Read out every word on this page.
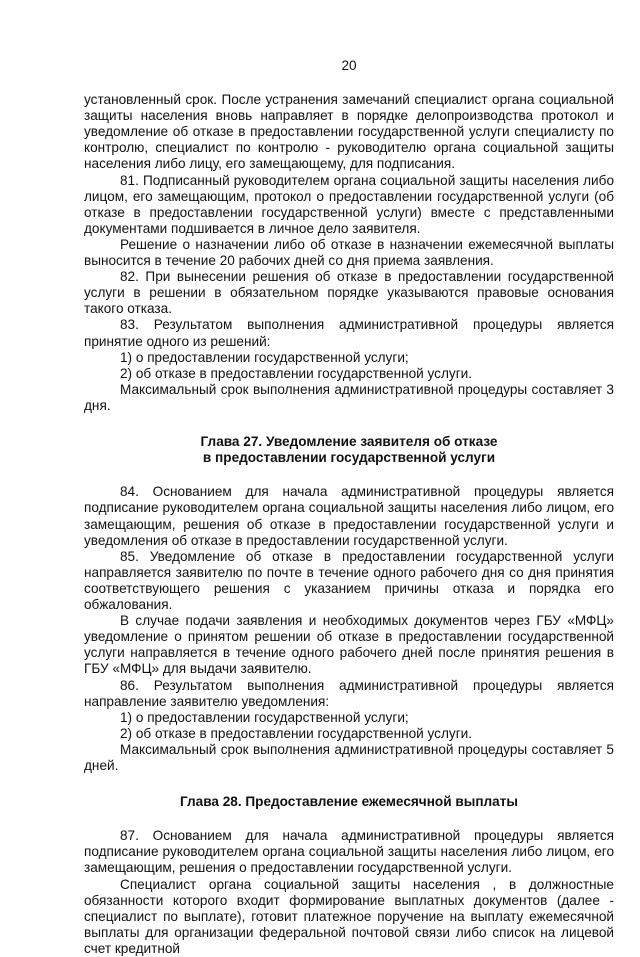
20

установленный срок. После устранения замечаний специалист органа социальной защиты населения вновь направляет в порядке делопроизводства протокол и уведомление об отказе в предоставлении государственной услуги специалисту по контролю, специалист по контролю - руководителю органа социальной защиты населения либо лицу, его замещающему, для подписания.

81. Подписанный руководителем органа социальной защиты населения либо лицом, его замещающим, протокол о предоставлении государственной услуги (об отказе в предоставлении государственной услуги) вместе с представленными документами подшивается в личное дело заявителя.

Решение о назначении либо об отказе в назначении ежемесячной выплаты выносится в течение 20 рабочих дней со дня приема заявления.

82. При вынесении решения об отказе в предоставлении государственной услуги в решении в обязательном порядке указываются правовые основания такого отказа.

83. Результатом выполнения административной процедуры является принятие одного из решений:

1) о предоставлении государственной услуги;

2) об отказе в предоставлении государственной услуги.

Максимальный срок выполнения административной процедуры составляет 3 дня.

Глава 27. Уведомление заявителя об отказе
в предоставлении государственной услуги

84. Основанием для начала административной процедуры является подписание руководителем органа социальной защиты населения либо лицом, его замещающим, решения об отказе в предоставлении государственной услуги и уведомления об отказе в предоставлении государственной услуги.

85. Уведомление об отказе в предоставлении государственной услуги направляется заявителю по почте в течение одного рабочего дня со дня принятия соответствующего решения с указанием причины отказа и порядка его обжалования.

В случае подачи заявления и необходимых документов через ГБУ «МФЦ» уведомление о принятом решении об отказе в предоставлении государственной услуги направляется в течение одного рабочего дней после принятия решения в ГБУ «МФЦ» для выдачи заявителю.

86. Результатом выполнения административной процедуры является направление заявителю уведомления:

1) о предоставлении государственной услуги;

2) об отказе в предоставлении государственной услуги.

Максимальный срок выполнения административной процедуры составляет 5 дней.

Глава 28. Предоставление ежемесячной выплаты

87. Основанием для начала административной процедуры является подписание руководителем органа социальной защиты населения либо лицом, его замещающим, решения о предоставлении государственной услуги.

Специалист органа социальной защиты населения , в должностные обязанности которого входит формирование выплатных документов (далее - специалист по выплате), готовит платежное поручение на выплату ежемесячной выплаты для организации федеральной почтовой связи либо список на лицевой счет кредитной
